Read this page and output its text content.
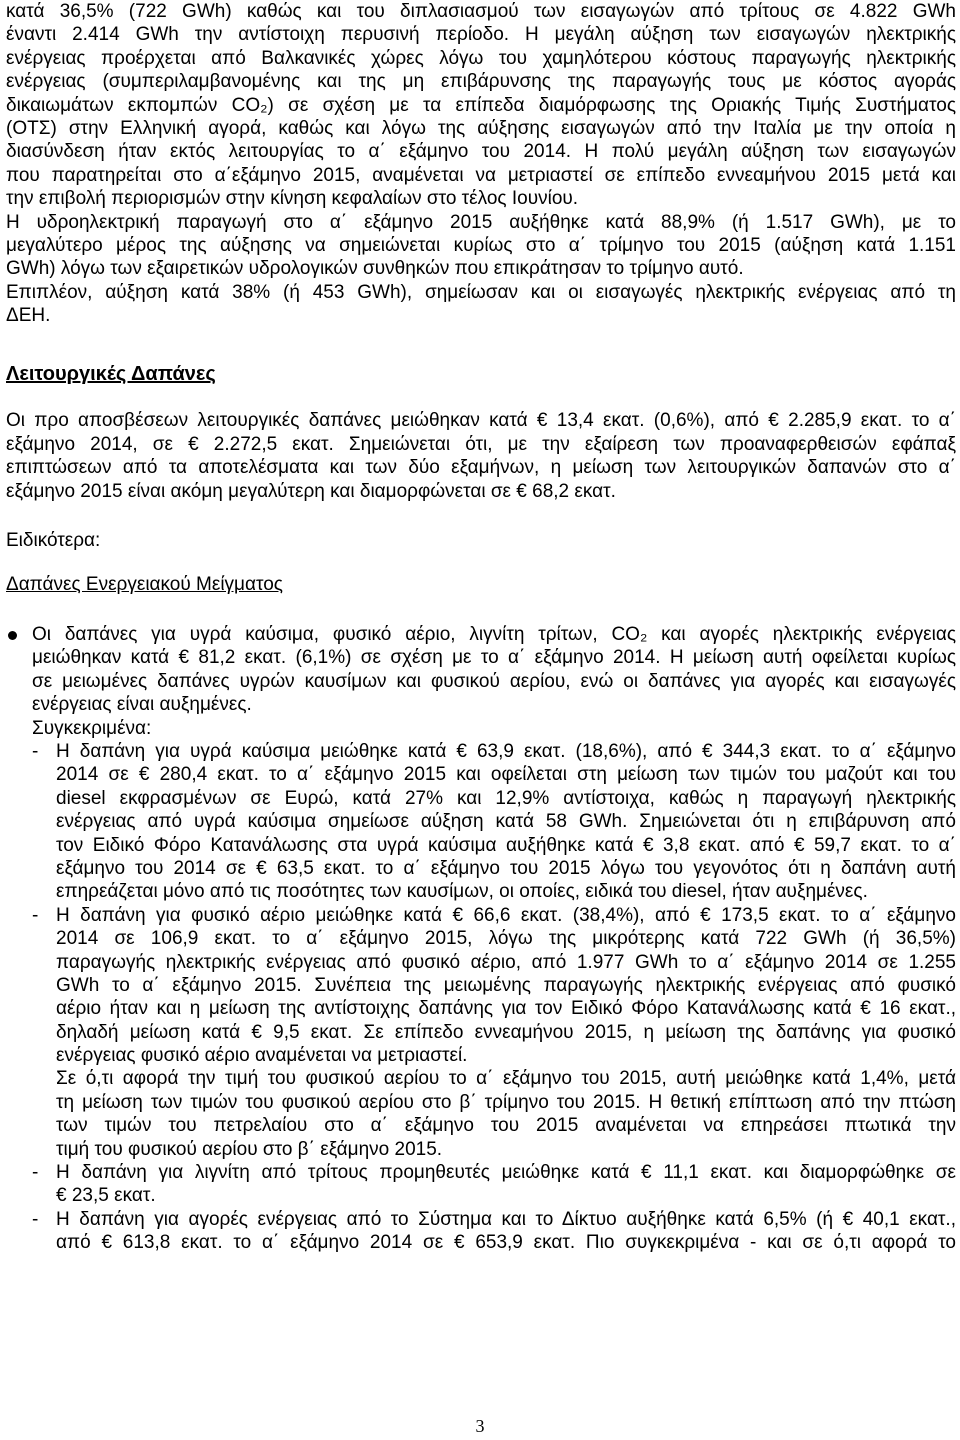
κατά 36,5% (722 GWh) καθώς και του διπλασιασμού των εισαγωγών από τρίτους σε 4.822 GWh
έναντι 2.414 GWh την αντίστοιχη περυσινή περίοδο. Η μεγάλη αύξηση των εισαγωγών ηλεκτρικής
ενέργειας προέρχεται από Βαλκανικές χώρες λόγω του χαμηλότερου κόστους παραγωγής ηλεκτρικής
ενέργειας (συμπεριλαμβανομένης και της μη επιβάρυνσης της παραγωγής τους με κόστος αγοράς
δικαιωμάτων εκπομπών CO₂) σε σχέση με τα επίπεδα διαμόρφωσης της Οριακής Τιμής Συστήματος
(ΟΤΣ) στην Ελληνική αγορά, καθώς και λόγω της αύξησης εισαγωγών από την Ιταλία με την οποία η
διασύνδεση ήταν εκτός λειτουργίας το α΄ εξάμηνο του 2014. Η πολύ μεγάλη αύξηση των εισαγωγών
που παρατηρείται στο α΄εξάμηνο 2015, αναμένεται να μετριαστεί σε επίπεδο εννεαμήνου 2015 μετά και
την επιβολή περιορισμών στην κίνηση κεφαλαίων στο τέλος Ιουνίου.
Η υδροηλεκτρική παραγωγή στο α΄ εξάμηνο 2015 αυξήθηκε κατά 88,9% (ή 1.517 GWh), με το
μεγαλύτερο μέρος της αύξησης να σημειώνεται κυρίως στο α΄ τρίμηνο του 2015 (αύξηση κατά 1.151
GWh) λόγω των εξαιρετικών υδρολογικών συνθηκών που επικράτησαν το τρίμηνο αυτό.
Επιπλέον, αύξηση κατά 38% (ή 453 GWh), σημείωσαν και οι εισαγωγές ηλεκτρικής ενέργειας από τη
ΔΕΗ.
Λειτουργικές Δαπάνες
Οι προ αποσβέσεων λειτουργικές δαπάνες μειώθηκαν κατά € 13,4 εκατ. (0,6%), από € 2.285,9 εκατ. το α΄
εξάμηνο 2014, σε € 2.272,5 εκατ. Σημειώνεται ότι, με την εξαίρεση των προαναφερθεισών εφάπαξ
επιπτώσεων από τα αποτελέσματα και των δύο εξαμήνων, η μείωση των λειτουργικών δαπανών στο α΄
εξάμηνο 2015 είναι ακόμη μεγαλύτερη και διαμορφώνεται σε € 68,2 εκατ.
Ειδικότερα:
Δαπάνες Ενεργειακού Μείγματος
Οι δαπάνες για υγρά καύσιμα, φυσικό αέριο, λιγνίτη τρίτων, CO₂ και αγορές ηλεκτρικής ενέργειας
μειώθηκαν κατά € 81,2 εκατ. (6,1%) σε σχέση με το α΄ εξάμηνο 2014. Η μείωση αυτή οφείλεται κυρίως
σε μειωμένες δαπάνες υγρών καυσίμων και φυσικού αερίου, ενώ οι δαπάνες για αγορές και εισαγωγές
ενέργειας είναι αυξημένες.
Συγκεκριμένα:
- Η δαπάνη για υγρά καύσιμα μειώθηκε κατά € 63,9 εκατ. (18,6%), από € 344,3 εκατ. το α΄ εξάμηνο
2014 σε € 280,4 εκατ. το α΄ εξάμηνο 2015 και οφείλεται στη μείωση των τιμών του μαζούτ και του
diesel εκφρασμένων σε Ευρώ, κατά 27% και 12,9% αντίστοιχα, καθώς η παραγωγή ηλεκτρικής
ενέργειας από υγρά καύσιμα σημείωσε αύξηση κατά 58 GWh. Σημειώνεται ότι η επιβάρυνση από
τον Ειδικό Φόρο Κατανάλωσης στα υγρά καύσιμα αυξήθηκε κατά € 3,8 εκατ. από € 59,7 εκατ. το α΄
εξάμηνο του 2014 σε € 63,5 εκατ. το α΄ εξάμηνο του 2015 λόγω του γεγονότος ότι η δαπάνη αυτή
επηρεάζεται μόνο από τις ποσότητες των καυσίμων, οι οποίες, ειδικά του diesel, ήταν αυξημένες.
- Η δαπάνη για φυσικό αέριο μειώθηκε κατά € 66,6 εκατ. (38,4%), από € 173,5 εκατ. το α΄ εξάμηνο
2014 σε 106,9 εκατ. το α΄ εξάμηνο 2015, λόγω της μικρότερης κατά 722 GWh (ή 36,5%)
παραγωγής ηλεκτρικής ενέργειας από φυσικό αέριο, από 1.977 GWh το α΄ εξάμηνο 2014 σε 1.255
GWh το α΄ εξάμηνο 2015. Συνέπεια της μειωμένης παραγωγής ηλεκτρικής ενέργειας από φυσικό
αέριο ήταν και η μείωση της αντίστοιχης δαπάνης για τον Ειδικό Φόρο Κατανάλωσης κατά € 16 εκατ.,
δηλαδή μείωση κατά € 9,5 εκατ. Σε επίπεδο εννεαμήνου 2015, η μείωση της δαπάνης για φυσικό
ενέργειας φυσικό αέριο αναμένεται να μετριαστεί.
Σε ό,τι αφορά την τιμή του φυσικού αερίου το α΄ εξάμηνο του 2015, αυτή μειώθηκε κατά 1,4%, μετά
τη μείωση των τιμών του φυσικού αερίου στο β΄ τρίμηνο του 2015. Η θετική επίπτωση από την πτώση
των τιμών του πετρελαίου στο α΄ εξάμηνο του 2015 αναμένεται να επηρεάσει πτωτικά την
τιμή του φυσικού αερίου στο β΄ εξάμηνο 2015.
- Η δαπάνη για λιγνίτη από τρίτους προμηθευτές μειώθηκε κατά € 11,1 εκατ. και διαμορφώθηκε σε
€ 23,5 εκατ.
- Η δαπάνη για αγορές ενέργειας από το Σύστημα και το Δίκτυο αυξήθηκε κατά 6,5% (ή € 40,1 εκατ.,
από € 613,8 εκατ. το α΄ εξάμηνο 2014 σε € 653,9 εκατ. Πιο συγκεκριμένα - και σε ό,τι αφορά το
3
